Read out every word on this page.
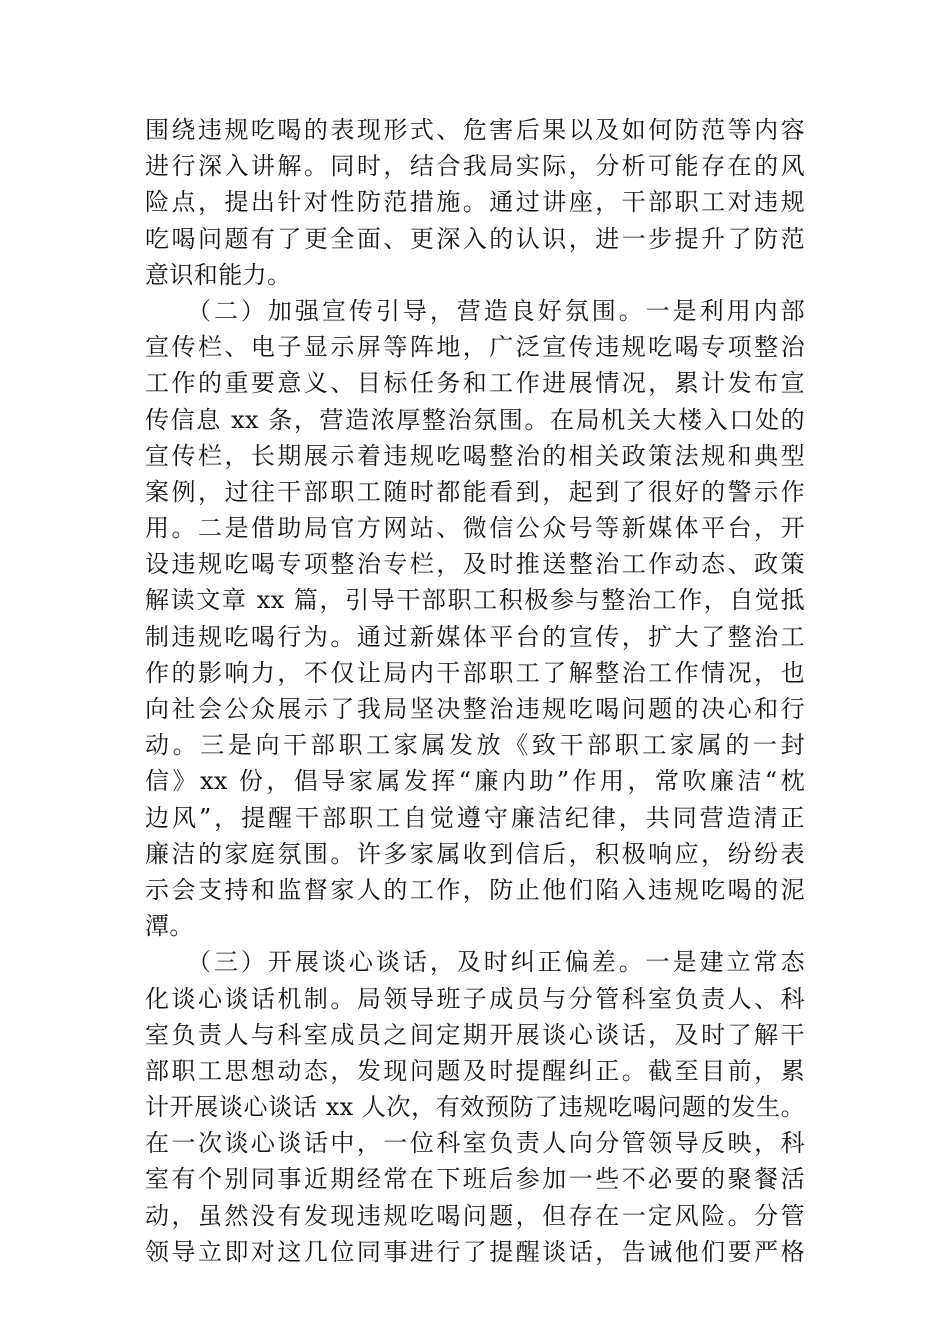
围绕违规吃喝的表现形式、危害后果以及如何防范等内容
进行深入讲解。同时，结合我局实际，分析可能存在的风
险点，提出针对性防范措施。通过讲座，干部职工对违规
吃喝问题有了更全面、更深入的认识，进一步提升了防范
意识和能力。
　　（二）加强宣传引导，营造良好氛围。一是利用内部
宣传栏、电子显示屏等阵地，广泛宣传违规吃喝专项整治
工作的重要意义、目标任务和工作进展情况，累计发布宣
传信息 xx 条，营造浓厚整治氛围。在局机关大楼入口处的
宣传栏，长期展示着违规吃喝整治的相关政策法规和典型
案例，过往干部职工随时都能看到，起到了很好的警示作
用。二是借助局官方网站、微信公众号等新媒体平台，开
设违规吃喝专项整治专栏，及时推送整治工作动态、政策
解读文章 xx 篇，引导干部职工积极参与整治工作，自觉抵
制违规吃喝行为。通过新媒体平台的宣传，扩大了整治工
作的影响力，不仅让局内干部职工了解整治工作情况，也
向社会公众展示了我局坚决整治违规吃喝问题的决心和行
动。三是向干部职工家属发放《致干部职工家属的一封
信》xx 份，倡导家属发挥“廉内助”作用，常吹廉洁“枕
边风”，提醒干部职工自觉遵守廉洁纪律，共同营造清正
廉洁的家庭氛围。许多家属收到信后，积极响应，纷纷表
示会支持和监督家人的工作，防止他们陷入违规吃喝的泥
潭。
　　（三）开展谈心谈话，及时纠正偏差。一是建立常态
化谈心谈话机制。局领导班子成员与分管科室负责人、科
室负责人与科室成员之间定期开展谈心谈话，及时了解干
部职工思想动态，发现问题及时提醒纠正。截至目前，累
计开展谈心谈话 xx 人次，有效预防了违规吃喝问题的发生。
在一次谈心谈话中，一位科室负责人向分管领导反映，科
室有个别同事近期经常在下班后参加一些不必要的聚餐活
动，虽然没有发现违规吃喝问题，但存在一定风险。分管
领导立即对这几位同事进行了提醒谈话，告诫他们要严格
